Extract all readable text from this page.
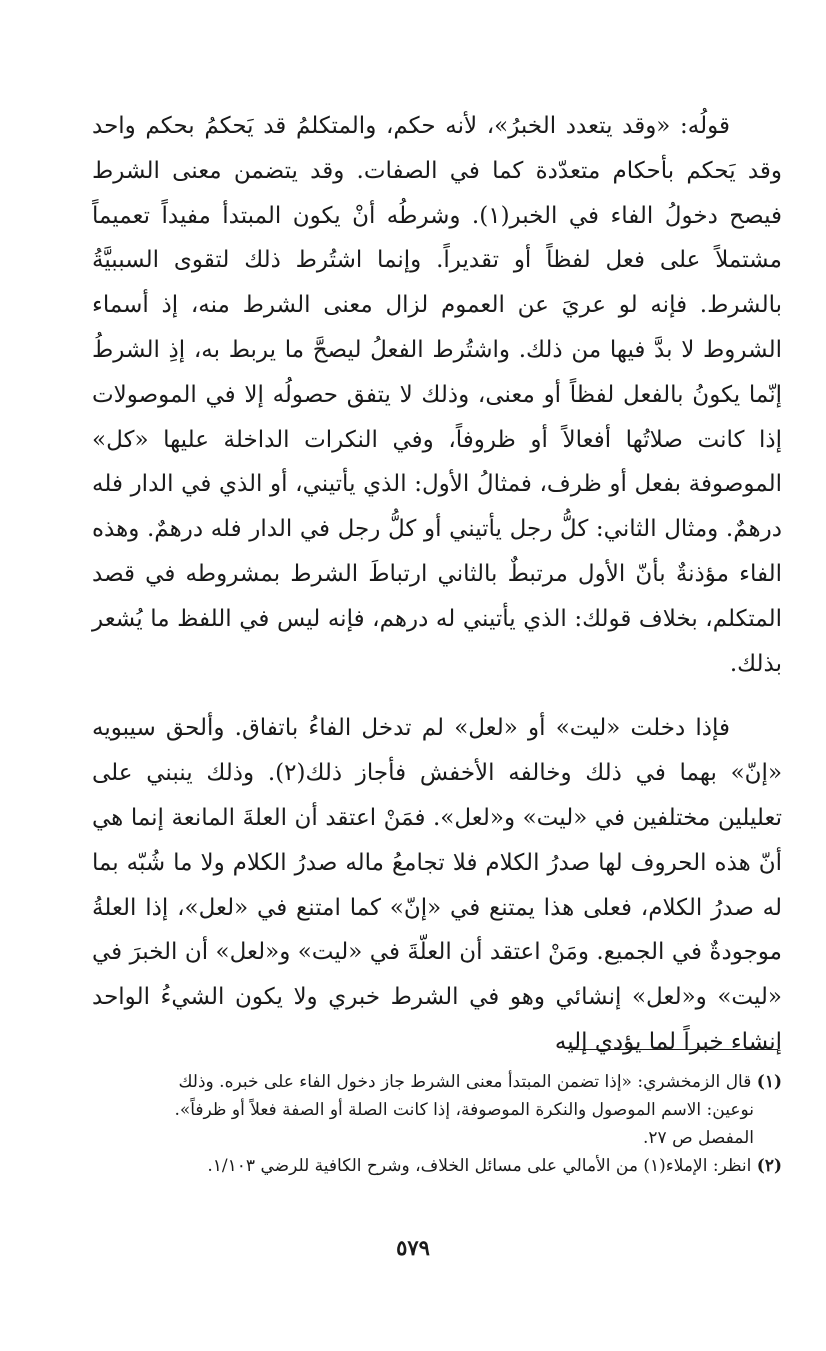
قولُه: «وقد يتعدد الخبرُ»، لأنه حكم، والمتكلمُ قد يَحكمُ بحكم واحد وقد يَحكم بأحكام متعدّدة كما في الصفات. وقد يتضمن معنى الشرط فيصح دخولُ الفاء في الخبر(١). وشرطُه أنْ يكون المبتدأ مفيداً تعميماً مشتملاً على فعل لفظاً أو تقديراً. وإنما اشتُرط ذلك لتقوى السببيَّةُ بالشرط. فإنه لو عريَ عن العموم لزال معنى الشرط منه، إذ أسماء الشروط لا بدَّ فيها من ذلك. واشتُرط الفعلُ ليصحَّ ما يربط به، إذِ الشرطُ إنّما يكونُ بالفعل لفظاً أو معنى، وذلك لا يتفق حصولُه إلا في الموصولات إذا كانت صلاتُها أفعالاً أو ظروفاً، وفي النكرات الداخلة عليها «كل» الموصوفة بفعل أو ظرف، فمثالُ الأول: الذي يأتيني، أو الذي في الدار فله درهمٌ. ومثال الثاني: كلُّ رجل يأتيني أو كلُّ رجل في الدار فله درهمٌ. وهذه الفاء مؤذنةٌ بأنّ الأول مرتبطٌ بالثاني ارتباطَ الشرط بمشروطه في قصد المتكلم، بخلاف قولك: الذي يأتيني له درهم، فإنه ليس في اللفظ ما يُشعر بذلك.

فإذا دخلت «ليت» أو «لعل» لم تدخل الفاءُ باتفاق. وألحق سيبويه «إنّ» بهما في ذلك وخالفه الأخفش فأجاز ذلك(٢). وذلك ينبني على تعليلين مختلفين في «ليت» و«لعل». فمَنْ اعتقد أن العلةَ المانعة إنما هي أنّ هذه الحروف لها صدرُ الكلام فلا تجامعُ ماله صدرُ الكلام ولا ما شُبّه بما له صدرُ الكلام، فعلى هذا يمتنع في «إنّ» كما امتنع في «لعل»، إذا العلةُ موجودةٌ في الجميع. ومَنْ اعتقد أن العلّةَ في «ليت» و«لعل» أن الخبرَ في «ليت» و«لعل» إنشائي وهو في الشرط خبري ولا يكون الشيءُ الواحد إنشاء خبراً لما يؤدي إليه

(١) قال الزمخشري: «إذا تضمن المبتدأ معنى الشرط جاز دخول الفاء على خبره. وذلك
نوعين: الاسم الموصول والنكرة الموصوفة، إذا كانت الصلة أو الصفة فعلاً أو ظرفاً».
المفصل ص ٢٧.

(٢) انظر: الإملاء(١) من الأمالي على مسائل الخلاف، وشرح الكافية للرضي ١/١٠٣.

٥٧٩
